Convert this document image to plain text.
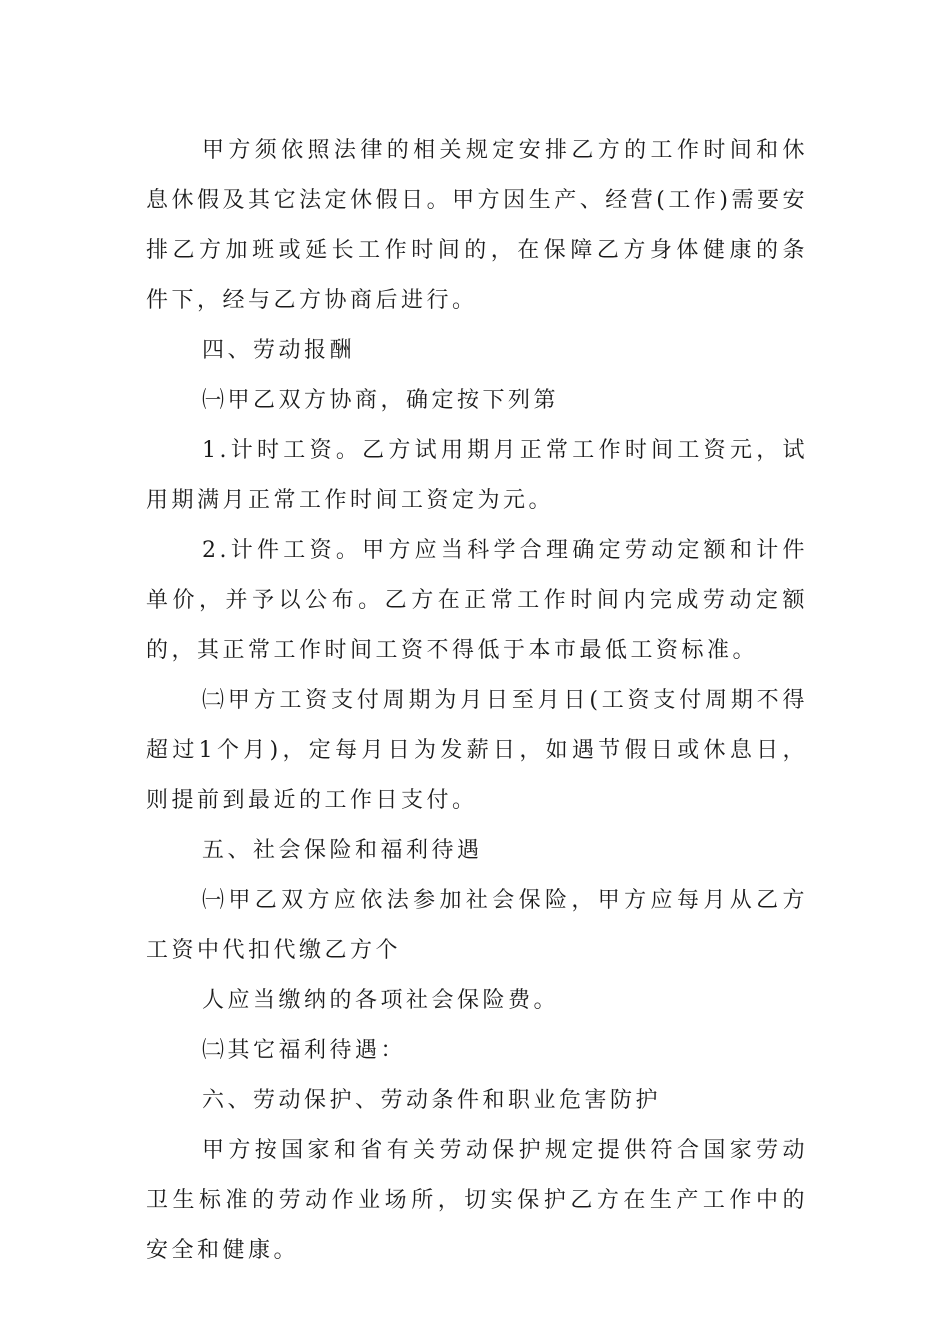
甲方须依照法律的相关规定安排乙方的工作时间和休息休假及其它法定休假日。甲方因生产、经营(工作)需要安排乙方加班或延长工作时间的，在保障乙方身体健康的条件下，经与乙方协商后进行。

四、劳动报酬

㈠甲乙双方协商，确定按下列第

1.计时工资。乙方试用期月正常工作时间工资元，试用期满月正常工作时间工资定为元。

2.计件工资。甲方应当科学合理确定劳动定额和计件单价，并予以公布。乙方在正常工作时间内完成劳动定额的，其正常工作时间工资不得低于本市最低工资标准。

㈡甲方工资支付周期为月日至月日(工资支付周期不得超过1个月)，定每月日为发薪日，如遇节假日或休息日，则提前到最近的工作日支付。

五、社会保险和福利待遇

㈠甲乙双方应依法参加社会保险，甲方应每月从乙方工资中代扣代缴乙方个

人应当缴纳的各项社会保险费。

㈡其它福利待遇：

六、劳动保护、劳动条件和职业危害防护

甲方按国家和省有关劳动保护规定提供符合国家劳动卫生标准的劳动作业场所，切实保护乙方在生产工作中的安全和健康。
